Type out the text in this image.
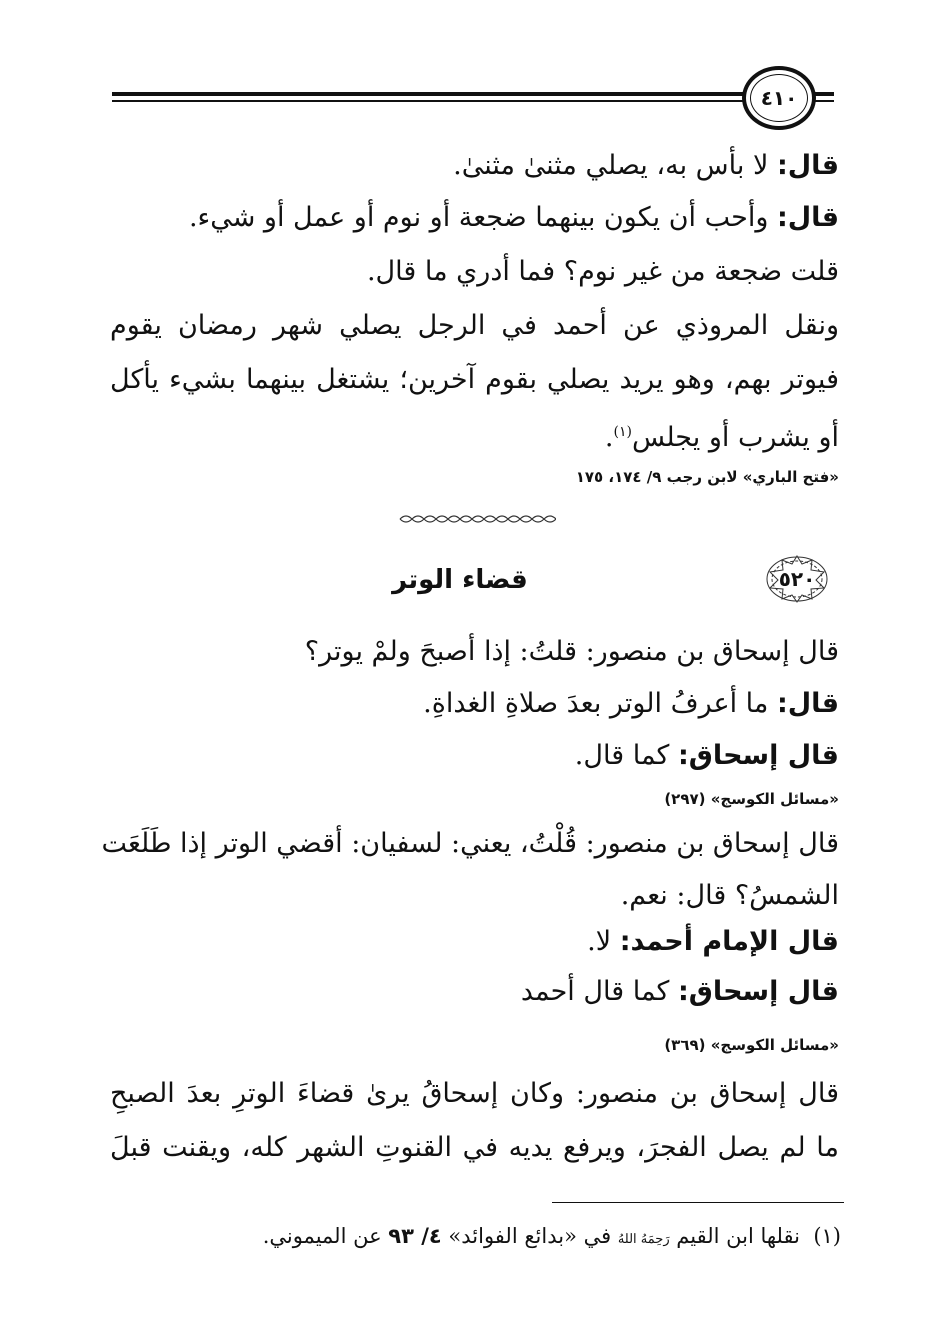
٤١٠
قال: لا بأس به، يصلي مثنىٰ مثنىٰ.
قال: وأحب أن يكون بينهما ضجعة أو نوم أو عمل أو شيء.
قلت ضجعة من غير نوم؟ فما أدري ما قال.
ونقل المروذي عن أحمد في الرجل يصلي شهر رمضان يقوم
فيوتر بهم، وهو يريد يصلي بقوم آخرين؛ يشتغل بينهما بشيء يأكل
أو يشرب أو يجلس$^{(١)}$.
«فتح الباري» لابن رجب ٩/ ١٧٤، ١٧٥
٥٢٠
قضاء الوتر
قال إسحاق بن منصور: قلتُ: إذا أصبحَ ولمْ يوتر؟
قال: ما أعرفُ الوتر بعدَ صلاةِ الغداةِ.
قال إسحاق: كما قال.
«مسائل الكوسج» (٢٩٧)
قال إسحاق بن منصور: قُلْتُ، يعني: لسفيان: أقضي الوتر إذا طَلَعَت
الشمسُ؟ قال: نعم.
قال الإمام أحمد: لا.
قال إسحاق: كما قال أحمد
«مسائل الكوسج» (٣٦٩)
قال إسحاق بن منصور: وكان إسحاقُ يرىٰ قضاءَ الوترِ بعدَ الصبحِ
ما لم يصل الفجرَ، ويرفع يديه في القنوتِ الشهر كله، ويقنت قبلَ
(١)  نقلها ابن القيم رَحِمَهُ اللهُ في «بدائع الفوائد» ٤/ ٩٣ عن الميموني.
